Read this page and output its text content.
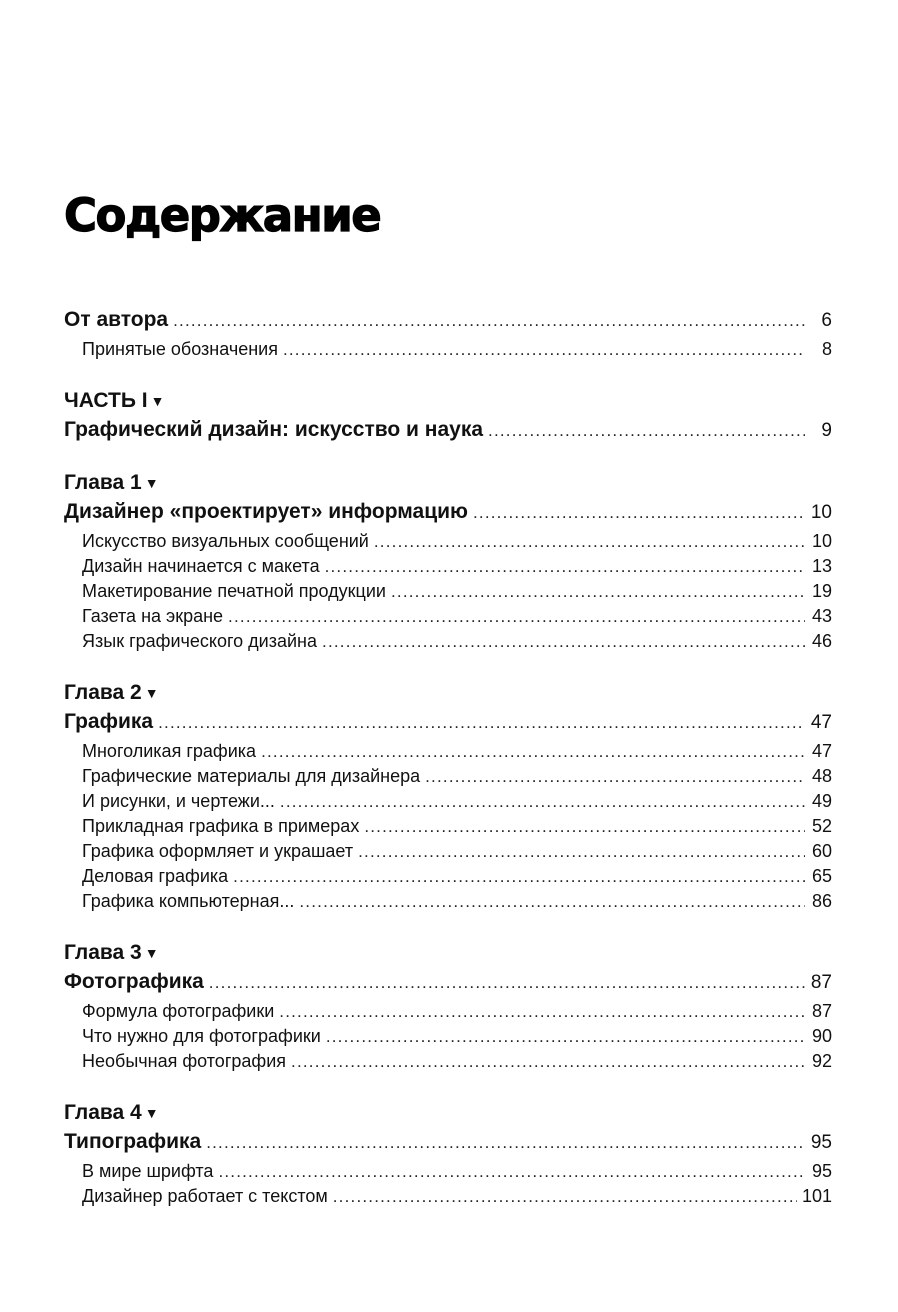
Содержание
От автора .....	6
Принятые обозначения .....	8
ЧАСТЬ I ▼
Графический дизайн: искусство и наука .....	9
Глава 1 ▼
Дизайнер «проектирует» информацию .....	10
Искусство визуальных сообщений .....	10
Дизайн начинается с макета .....	13
Макетирование печатной продукции .....	19
Газета на экране .....	43
Язык графического дизайна .....	46
Глава 2 ▼
Графика .....	47
Многоликая графика .....	47
Графические материалы для дизайнера .....	48
И рисунки, и чертежи... .....	49
Прикладная графика в примерах .....	52
Графика оформляет и украшает .....	60
Деловая графика .....	65
Графика компьютерная... .....	86
Глава 3 ▼
Фотографика .....	87
Формула фотографики .....	87
Что нужно для фотографики .....	90
Необычная фотография .....	92
Глава 4 ▼
Типографика .....	95
В мире шрифта .....	95
Дизайнер работает с текстом .....	101
